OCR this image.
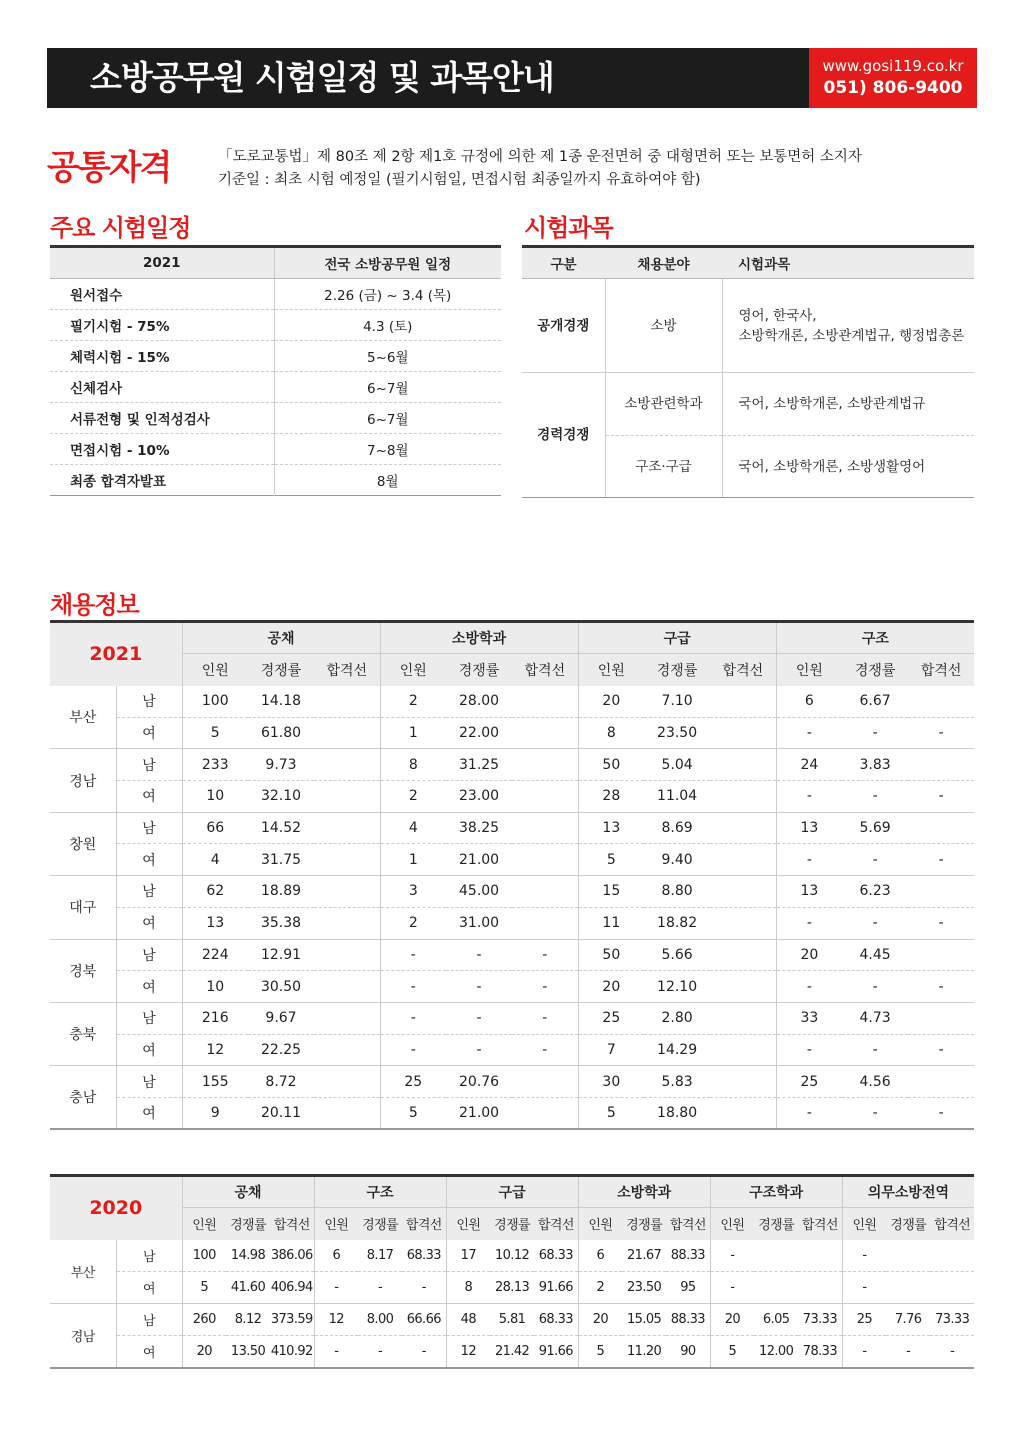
소방공무원 시험일정 및 과목안내	www.gosi119.co.kr
051) 806-9400
공통자격	「도로교통법」제 80조 제 2항 제1호 규정에 의한 제 1종 운전면허 중 대형면허 또는 보통면허 소지자
기준일 : 최초 시험 예정일 (필기시험일, 면접시험 최종일까지 유효하여야 함)
주요 시험일정
2021	전국 소방공무원 일정
원서접수	2.26 (금) ~ 3.4 (목)
필기시험 - 75%	4.3 (토)
체력시험 - 15%	5~6월
신체검사	6~7월
서류전형 및 인적성검사	6~7월
면접시험 - 10%	7~8월
최종 합격자발표	8월
시험과목
구분	채용분야	시험과목
공개경쟁	소방	영어, 한국사,
소방학개론, 소방관계법규, 행정법총론

경력경쟁	소방관련학과	국어, 소방학개론, 소방관계법규
	구조·구급	국어, 소방학개론, 소방생활영어
채용정보
2021		공채			소방학과			구급			구조		
		인원	경쟁률	합격선	인원	경쟁률	합격선	인원	경쟁률	합격선	인원	경쟁률	합격선
부산	남	100	14.18		2	28.00		20	7.10		6	6.67	
	여	5	61.80		1	22.00		8	23.50		-	-	-
경남	남	233	9.73		8	31.25		50	5.04		24	3.83	
	여	10	32.10		2	23.00		28	11.04		-	-	-
창원	남	66	14.52		4	38.25		13	8.69		13	5.69	
	여	4	31.75		1	21.00		5	9.40		-	-	-
대구	남	62	18.89		3	45.00		15	8.80		13	6.23	
	여	13	35.38		2	31.00		11	18.82		-	-	-
경북	남	224	12.91		-	-	-	50	5.66		20	4.45	
	여	10	30.50		-	-	-	20	12.10		-	-	-
충북	남	216	9.67		-	-	-	25	2.80		33	4.73	
	여	12	22.25		-	-	-	7	14.29		-	-	-
충남	남	155	8.72		25	20.76		30	5.83		25	4.56	
	여	9	20.11		5	21.00		5	18.80		-	-	-
2020		공채			구조			구급			소방학과			구조학과			의무소방전역		
		인원	경쟁률	합격선	인원	경쟁률	합격선	인원	경쟁률	합격선	인원	경쟁률	합격선	인원	경쟁률	합격선	인원	경쟁률	합격선
부산	남	100	14.98	386.06	6	8.17	68.33	17	10.12	68.33	6	21.67	88.33	-			-		
	여	5	41.60	406.94	-	-	-	8	28.13	91.66	2	23.50	95	-			-		
경남	남	260	8.12	373.59	12	8.00	66.66	48	5.81	68.33	20	15.05	88.33	20	6.05	73.33	25	7.76	73.33
	여	20	13.50	410.92	-	-	-	12	21.42	91.66	5	11.20	90	5	12.00	78.33	-	-	-
